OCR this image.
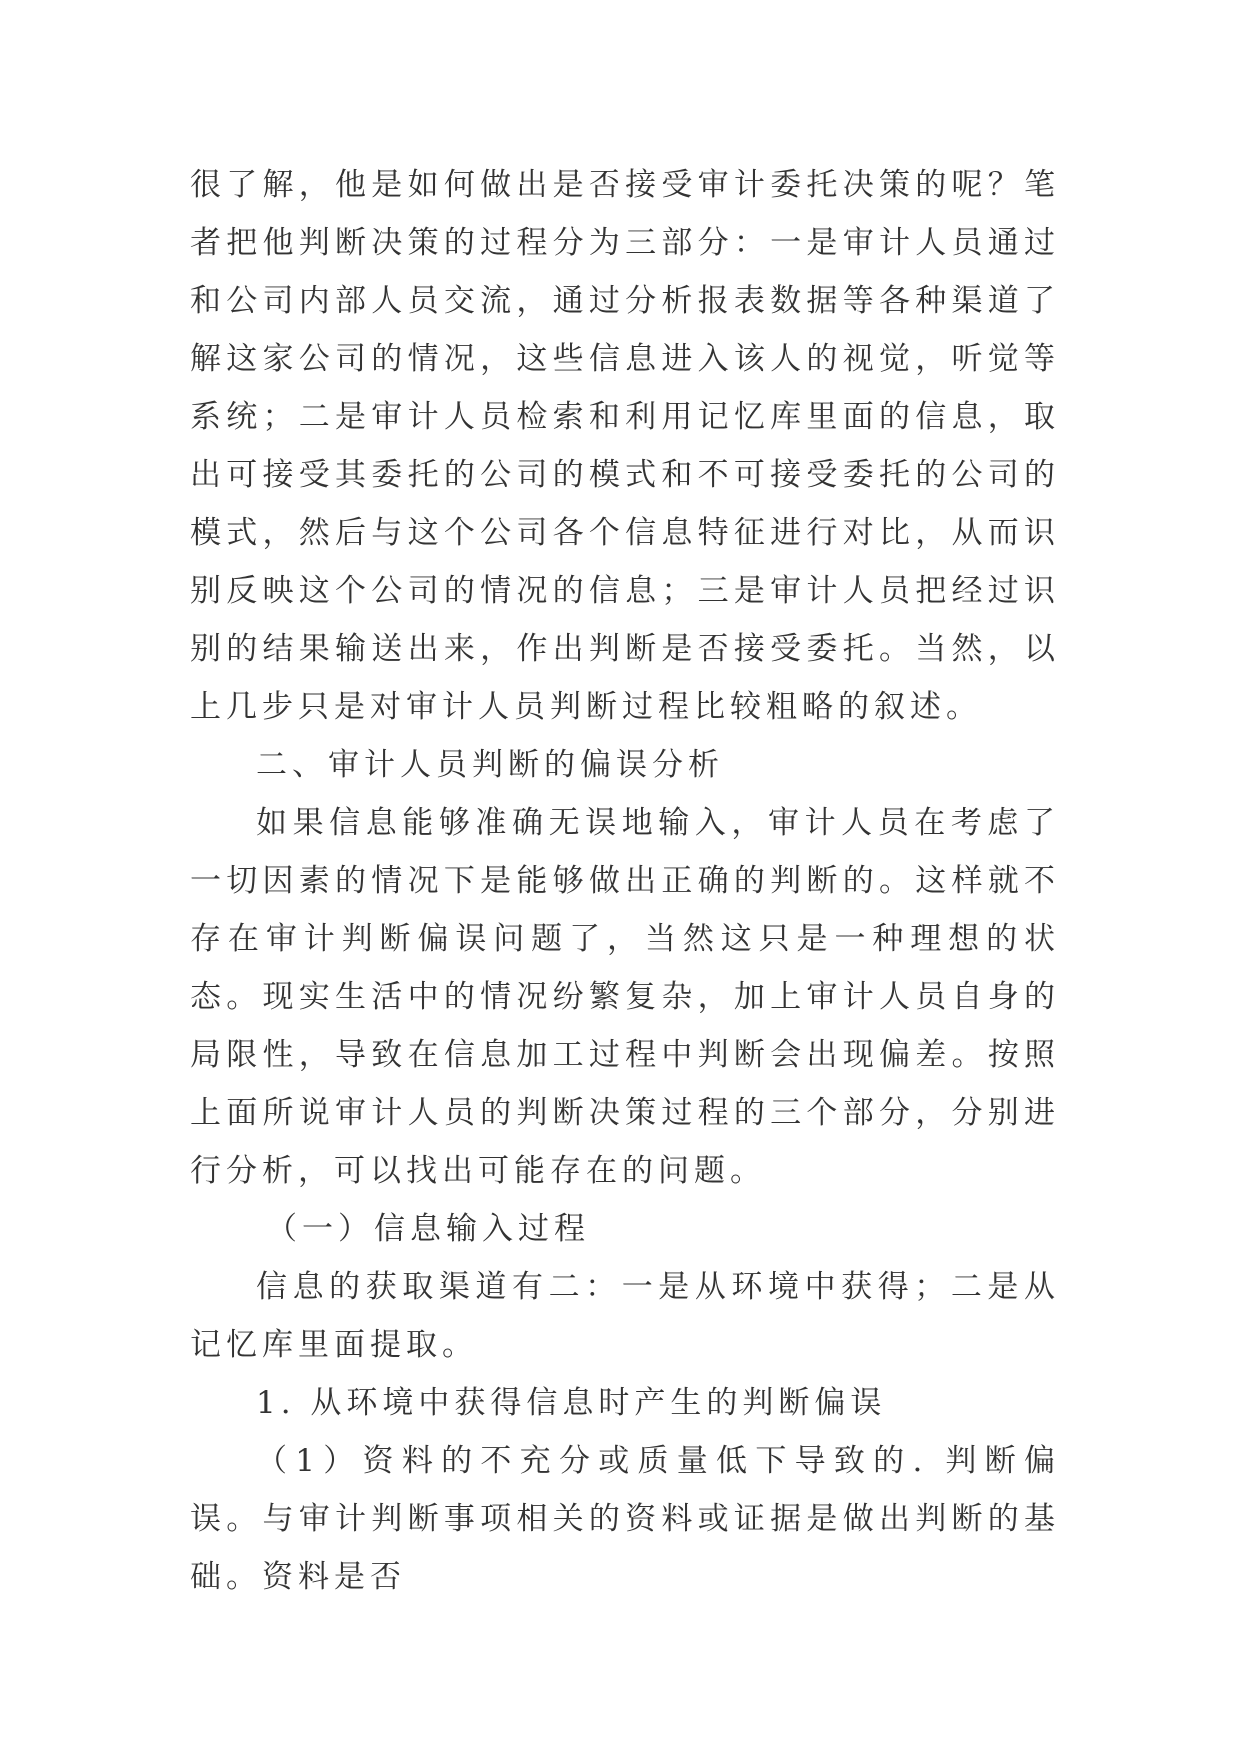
很了解，他是如何做出是否接受审计委托决策的呢？笔者把他判断决策的过程分为三部分：一是审计人员通过和公司内部人员交流，通过分析报表数据等各种渠道了解这家公司的情况，这些信息进入该人的视觉，听觉等系统；二是审计人员检索和利用记忆库里面的信息，取出可接受其委托的公司的模式和不可接受委托的公司的模式，然后与这个公司各个信息特征进行对比，从而识别反映这个公司的情况的信息；三是审计人员把经过识别的结果输送出来，作出判断是否接受委托。当然，以上几步只是对审计人员判断过程比较粗略的叙述。

二、审计人员判断的偏误分析

如果信息能够准确无误地输入，审计人员在考虑了一切因素的情况下是能够做出正确的判断的。这样就不存在审计判断偏误问题了，当然这只是一种理想的状态。现实生活中的情况纷繁复杂，加上审计人员自身的局限性，导致在信息加工过程中判断会出现偏差。按照上面所说审计人员的判断决策过程的三个部分，分别进行分析，可以找出可能存在的问题。

（一）信息输入过程

信息的获取渠道有二：一是从环境中获得；二是从记忆库里面提取。

1. 从环境中获得信息时产生的判断偏误

（1）资料的不充分或质量低下导致的. 判断偏误。与审计判断事项相关的资料或证据是做出判断的基础。资料是否
